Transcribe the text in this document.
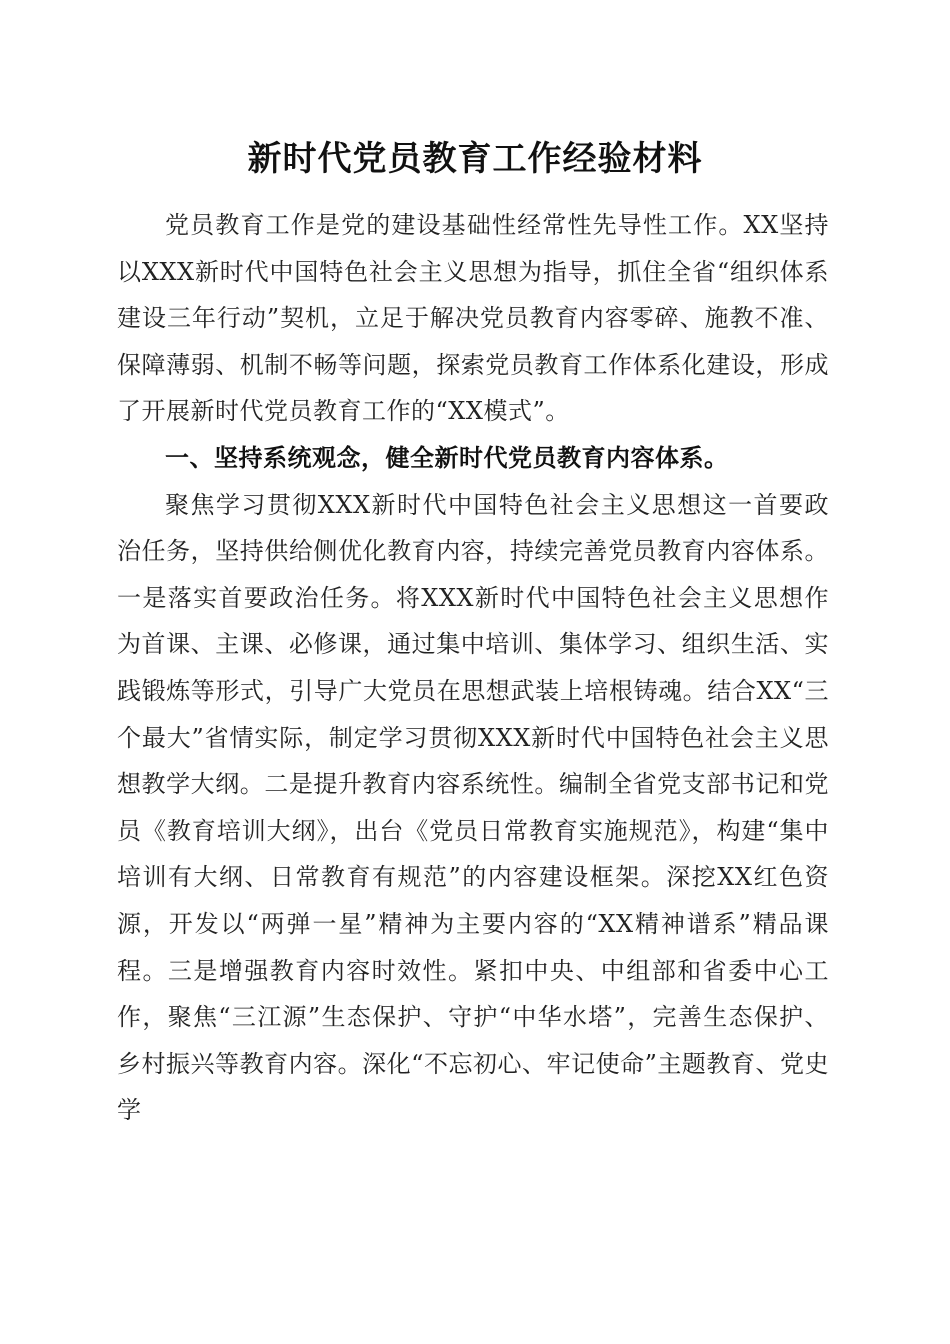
新时代党员教育工作经验材料

党员教育工作是党的建设基础性经常性先导性工作。XX坚持以XXX新时代中国特色社会主义思想为指导，抓住全省“组织体系建设三年行动”契机，立足于解决党员教育内容零碎、施教不准、保障薄弱、机制不畅等问题，探索党员教育工作体系化建设，形成了开展新时代党员教育工作的“XX模式”。

一、坚持系统观念，健全新时代党员教育内容体系。

聚焦学习贯彻XXX新时代中国特色社会主义思想这一首要政治任务，坚持供给侧优化教育内容，持续完善党员教育内容体系。一是落实首要政治任务。将XXX新时代中国特色社会主义思想作为首课、主课、必修课，通过集中培训、集体学习、组织生活、实践锻炼等形式，引导广大党员在思想武装上培根铸魂。结合XX“三个最大”省情实际，制定学习贯彻XXX新时代中国特色社会主义思想教学大纲。二是提升教育内容系统性。编制全省党支部书记和党员《教育培训大纲》，出台《党员日常教育实施规范》，构建“集中培训有大纲、日常教育有规范”的内容建设框架。深挖XX红色资源，开发以“两弹一星”精神为主要内容的“XX精神谱系”精品课程。三是增强教育内容时效性。紧扣中央、中组部和省委中心工作，聚焦“三江源”生态保护、守护“中华水塔”，完善生态保护、乡村振兴等教育内容。深化“不忘初心、牢记使命”主题教育、党史学
